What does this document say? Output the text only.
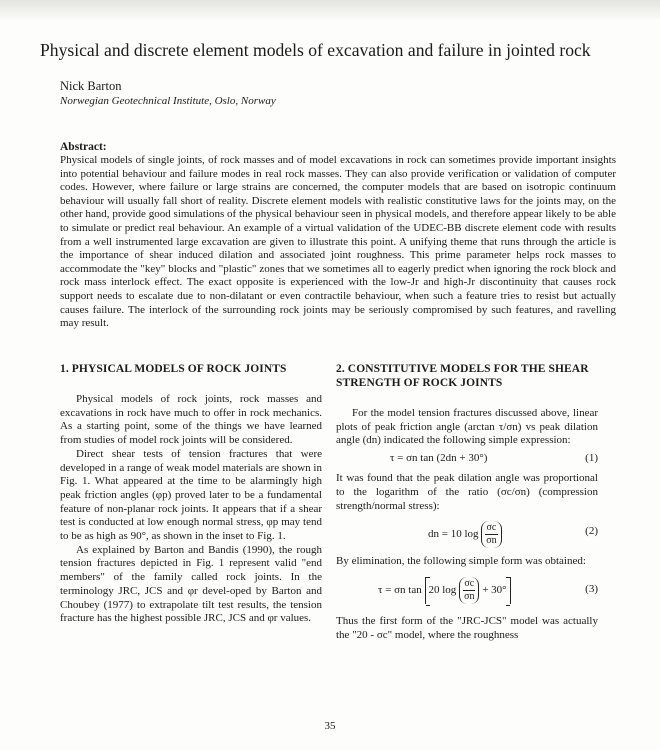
Physical and discrete element models of excavation and failure in jointed rock
Nick Barton
Norwegian Geotechnical Institute, Oslo, Norway
Abstract:

Physical models of single joints, of rock masses and of model excavations in rock can sometimes provide important insights into potential behaviour and failure modes in real rock masses. They can also provide verification or validation of computer codes. However, where failure or large strains are concerned, the computer models that are based on isotropic continuum behaviour will usually fall short of reality. Discrete element models with realistic constitutive laws for the joints may, on the other hand, provide good simulations of the physical behaviour seen in physical models, and therefore appear likely to be able to simulate or predict real behaviour. An example of a virtual validation of the UDEC-BB discrete element code with results from a well instrumented large excavation are given to illustrate this point. A unifying theme that runs through the article is the importance of shear induced dilation and associated joint roughness. This prime parameter helps rock masses to accommodate the "key" blocks and "plastic" zones that we sometimes all to eagerly predict when ignoring the rock block and rock mass interlock effect. The exact opposite is experienced with the low-Jr and high-Jr discontinuity that causes rock support needs to escalate due to non-dilatant or even contractile behaviour, when such a feature tries to resist but actually causes failure. The interlock of the surrounding rock joints may be seriously compromised by such features, and ravelling may result.

1. PHYSICAL MODELS OF ROCK JOINTS

Physical models of rock joints, rock masses and excavations in rock have much to offer in rock mechanics. As a starting point, some of the things we have learned from studies of model rock joints will be considered.

Direct shear tests of tension fractures that were developed in a range of weak model materials are shown in Fig. 1. What appeared at the time to be alarmingly high peak friction angles (φp) proved later to be a fundamental feature of non-planar rock joints. It appears that if a shear test is conducted at low enough normal stress, φp may tend to be as high as 90°, as shown in the inset to Fig. 1.

As explained by Barton and Bandis (1990), the rough tension fractures depicted in Fig. 1 represent valid "end members" of the family called rock joints. In the terminology JRC, JCS and φr devel-oped by Barton and Choubey (1977) to extrapolate tilt test results, the tension fracture has the highest possible JRC, JCS and φr values.

2. CONSTITUTIVE MODELS FOR THE SHEAR STRENGTH OF ROCK JOINTS

For the model tension fractures discussed above, linear plots of peak friction angle (arctan τ/σn) vs peak dilation angle (dn) indicated the following simple expression:

τ = σn tan (2dn + 30°)	(1)

It was found that the peak dilation angle was proportional to the logarithm of the ratio (σc/σn) (compression strength/normal stress):

dn = 10 $\log \frac{\sigma c}{\sigma n}$	(2)

By elimination, the following simple form was obtained:

τ = σn tan 20 $\log \frac{\sigma c}{\sigma n} + 30^\circ$	(3)

Thus the first form of the "JRC-JCS" model was actually the "20 - σc" model, where the roughness

35
